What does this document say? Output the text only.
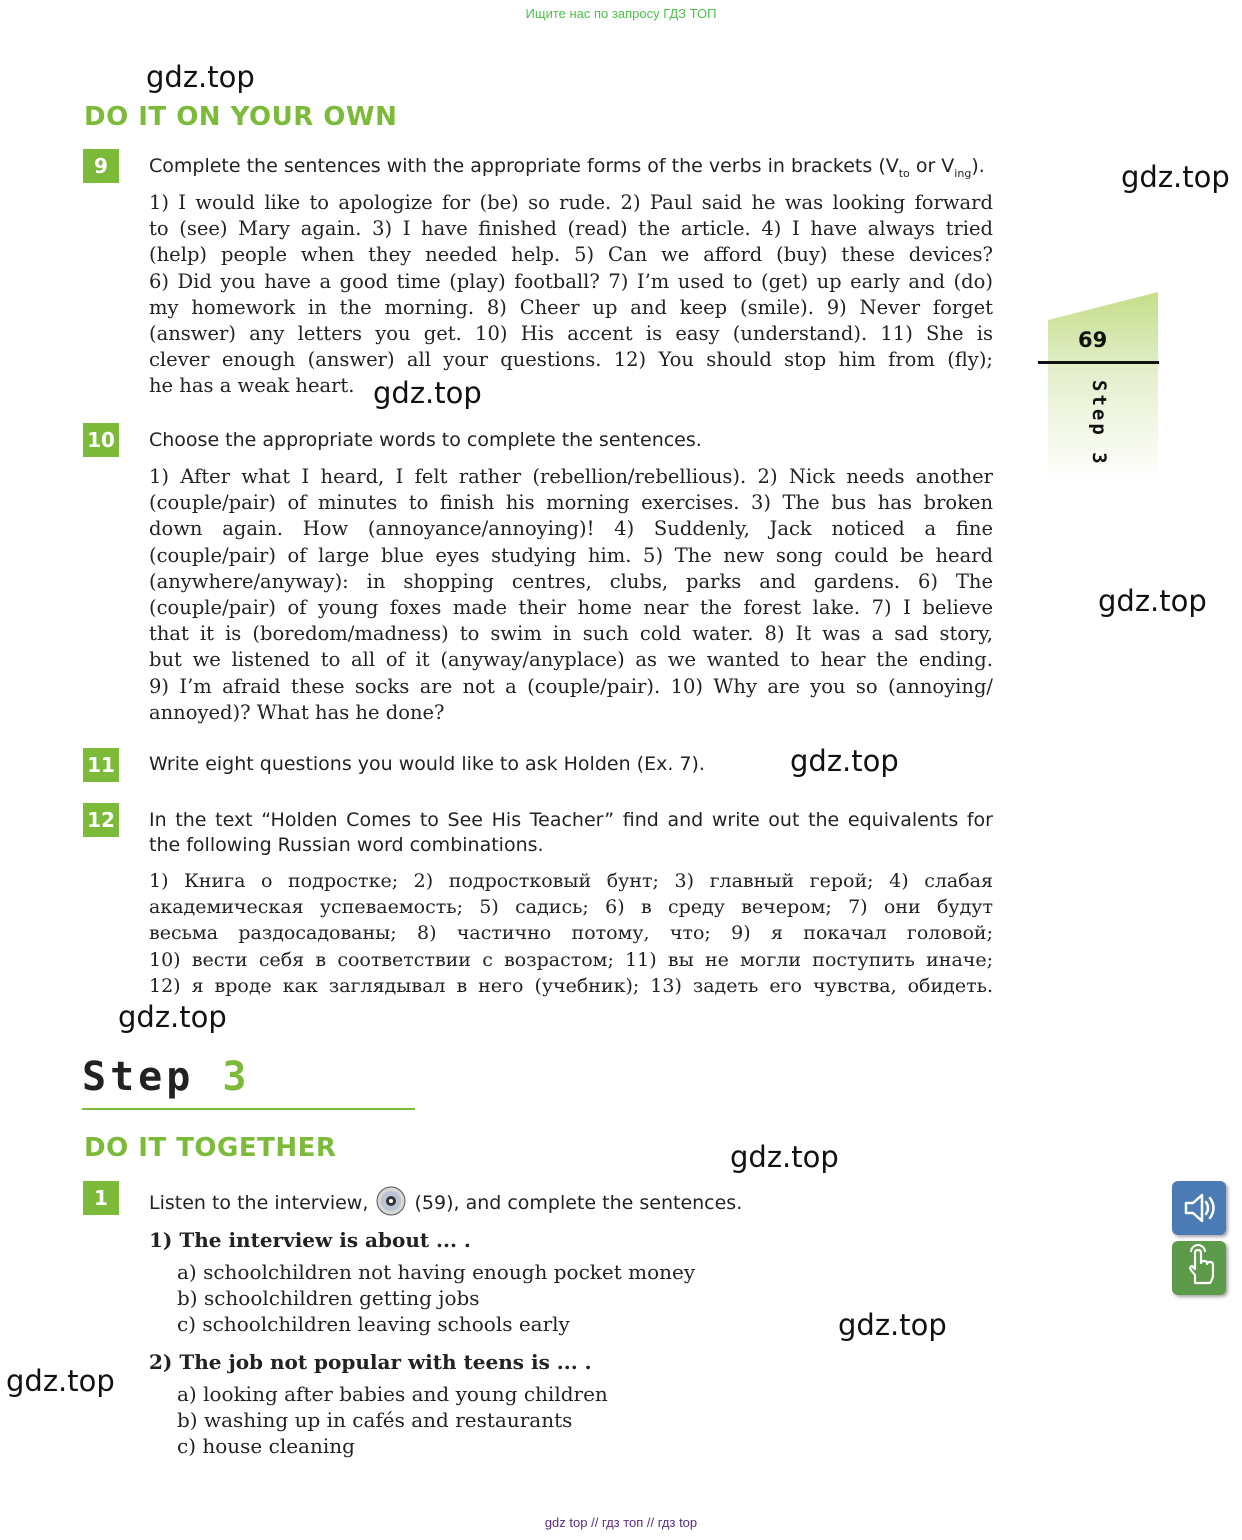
Ищите нас по запросу ГДЗ ТОП
gdz.top
gdz.top
gdz.top
gdz.top
gdz.top
gdz.top
gdz.top
gdz.top
gdz.top
DO IT ON YOUR OWN
9	Complete the sentences with the appropriate forms of the verbs in brackets ($V_{to}$ or $V_{ing}$).
1) I would like to apologize for (be) so rude. 2) Paul said he was looking forward
to (see) Mary again. 3) I have finished (read) the article. 4) I have always tried
(help) people when they needed help. 5) Can we afford (buy) these devices?
6) Did you have a good time (play) football? 7) I’m used to (get) up early and (do)
my homework in the morning. 8) Cheer up and keep (smile). 9) Never forget
(answer) any letters you get. 10) His accent is easy (understand). 11) She is
clever enough (answer) all your questions. 12) You should stop him from (fly);
he has a weak heart.
10 Choose the appropriate words to complete the sentences.
1) After what I heard, I felt rather (rebellion/rebellious). 2) Nick needs another
(couple/pair) of minutes to finish his morning exercises. 3) The bus has broken
down again. How (annoyance/annoying)! 4) Suddenly, Jack noticed a fine
(couple/pair) of large blue eyes studying him. 5) The new song could be heard
(anywhere/anyway): in shopping centres, clubs, parks and gardens. 6) The
(couple/pair) of young foxes made their home near the forest lake. 7) I believe
that it is (boredom/madness) to swim in such cold water. 8) It was a sad story,
but we listened to all of it (anyway/anyplace) as we wanted to hear the ending.
9) I’m afraid these socks are not a (couple/pair). 10) Why are you so (annoying/
annoyed)? What has he done?
11 Write eight questions you would like to ask Holden (Ex. 7).
12 In the text “Holden Comes to See His Teacher” find and write out the equivalents for
the following Russian word combinations.
1) Книга о подростке; 2) подростковый бунт; 3) главный герой; 4) слабая
академическая успеваемость; 5) садись; 6) в среду вечером; 7) они будут
весьма раздосадованы; 8) частично потому, что; 9) я покачал головой;
10) вести себя в соответствии с возрастом; 11) вы не могли поступить иначе;
12) я вроде как заглядывал в него (учебник); 13) задеть его чувства, обидеть.
Step 3
DO IT TOGETHER
1	Listen to the interview, (59), and complete the sentences.
1) The interview is about ... .
a) schoolchildren not having enough pocket money
b) schoolchildren getting jobs
c) schoolchildren leaving schools early
2) The job not popular with teens is ... .
a) looking after babies and young children
b) washing up in cafés and restaurants
c) house cleaning
69
Step 3
gdz top // гдз топ // гдз top
